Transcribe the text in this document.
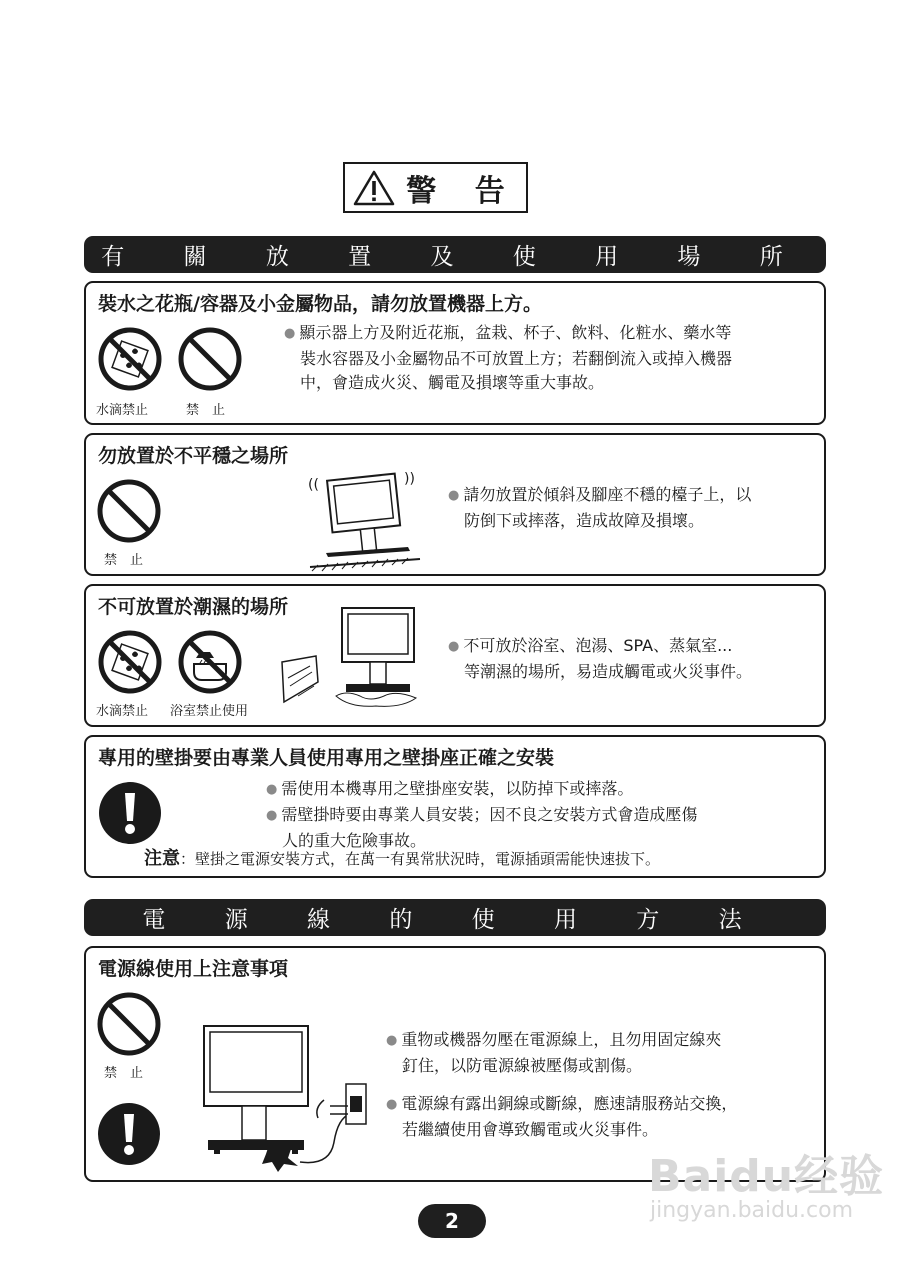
警 告
有 關 放 置 及 使 用 場 所
裝水之花瓶/容器及小金屬物品，請勿放置機器上方。
水滴禁止	禁　止
● 顯示器上方及附近花瓶，盆栽、杯子、飲料、化粧水、藥水等
裝水容器及小金屬物品不可放置上方；若翻倒流入或掉入機器
中，會造成火災、觸電及損壞等重大事故。
勿放置於不平穩之場所
禁　止
((	))
● 請勿放置於傾斜及腳座不穩的檯子上，以
防倒下或摔落，造成故障及損壞。
不可放置於潮濕的場所
水滴禁止 浴室禁止使用
● 不可放於浴室、泡湯、SPA、蒸氣室...
等潮濕的場所，易造成觸電或火災事件。
專用的壁掛要由專業人員使用專用之壁掛座正確之安裝
● 需使用本機專用之壁掛座安裝，以防掉下或摔落。
● 需壁掛時要由專業人員安裝；因不良之安裝方式會造成壓傷
人的重大危險事故。
注意：壁掛之電源安裝方式，在萬一有異常狀況時，電源插頭需能快速拔下。
電 源 線 的 使 用 方 法
電源線使用上注意事項
禁　止
● 重物或機器勿壓在電源線上，且勿用固定線夾
釘住，以防電源線被壓傷或割傷。
● 電源線有露出銅線或斷線，應速請服務站交換，
若繼續使用會導致觸電或火災事件。
Baidu经验
jingyan.baidu.com
2
